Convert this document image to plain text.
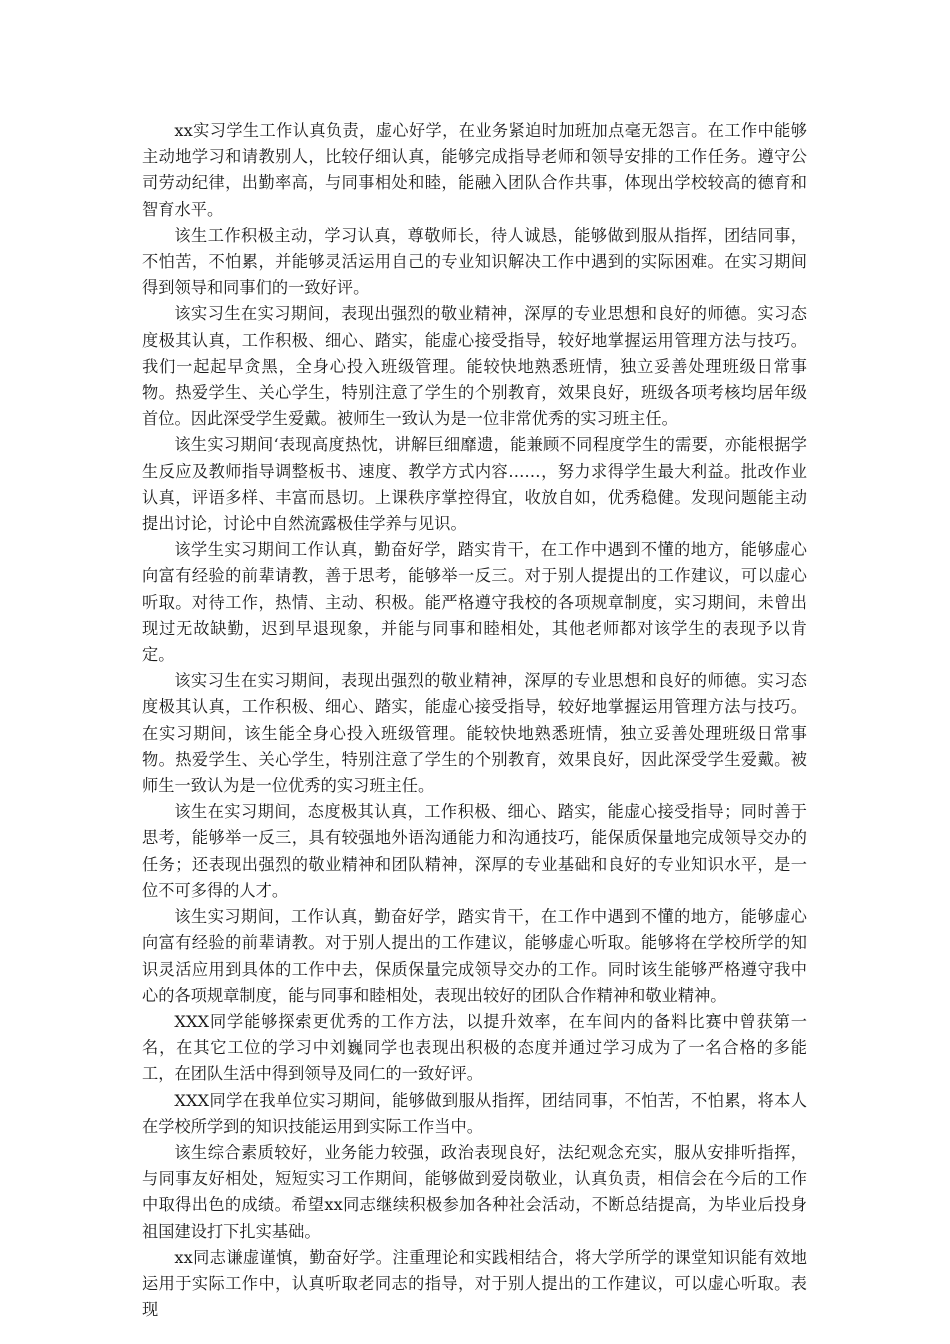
xx实习学生工作认真负责，虚心好学，在业务紧迫时加班加点毫无怨言。在工作中能够主动地学习和请教别人，比较仔细认真，能够完成指导老师和领导安排的工作任务。遵守公司劳动纪律，出勤率高，与同事相处和睦，能融入团队合作共事，体现出学校较高的德育和智育水平。

该生工作积极主动，学习认真，尊敬师长，待人诚恳，能够做到服从指挥，团结同事，不怕苦，不怕累，并能够灵活运用自己的专业知识解决工作中遇到的实际困难。在实习期间得到领导和同事们的一致好评。

该实习生在实习期间，表现出强烈的敬业精神，深厚的专业思想和良好的师德。实习态度极其认真，工作积极、细心、踏实，能虚心接受指导，较好地掌握运用管理方法与技巧。我们一起起早贪黑，全身心投入班级管理。能较快地熟悉班情，独立妥善处理班级日常事物。热爱学生、关心学生，特别注意了学生的个别教育，效果良好，班级各项考核均居年级首位。因此深受学生爱戴。被师生一致认为是一位非常优秀的实习班主任。

该生实习期间‘表现高度热忱，讲解巨细靡遗，能兼顾不同程度学生的需要，亦能根据学生反应及教师指导调整板书、速度、教学方式内容……，努力求得学生最大利益。批改作业认真，评语多样、丰富而恳切。上课秩序掌控得宜，收放自如，优秀稳健。发现问题能主动提出讨论，讨论中自然流露极佳学养与见识。

该学生实习期间工作认真，勤奋好学，踏实肯干，在工作中遇到不懂的地方，能够虚心向富有经验的前辈请教，善于思考，能够举一反三。对于别人提提出的工作建议，可以虚心听取。对待工作，热情、主动、积极。能严格遵守我校的各项规章制度，实习期间，未曾出现过无故缺勤，迟到早退现象，并能与同事和睦相处，其他老师都对该学生的表现予以肯定。

该实习生在实习期间，表现出强烈的敬业精神，深厚的专业思想和良好的师德。实习态度极其认真，工作积极、细心、踏实，能虚心接受指导，较好地掌握运用管理方法与技巧。在实习期间，该生能全身心投入班级管理。能较快地熟悉班情，独立妥善处理班级日常事物。热爱学生、关心学生，特别注意了学生的个别教育，效果良好，因此深受学生爱戴。被师生一致认为是一位优秀的实习班主任。

该生在实习期间，态度极其认真，工作积极、细心、踏实，能虚心接受指导；同时善于思考，能够举一反三，具有较强地外语沟通能力和沟通技巧，能保质保量地完成领导交办的任务；还表现出强烈的敬业精神和团队精神，深厚的专业基础和良好的专业知识水平，是一位不可多得的人才。

该生实习期间，工作认真，勤奋好学，踏实肯干，在工作中遇到不懂的地方，能够虚心向富有经验的前辈请教。对于别人提出的工作建议，能够虚心听取。能够将在学校所学的知识灵活应用到具体的工作中去，保质保量完成领导交办的工作。同时该生能够严格遵守我中心的各项规章制度，能与同事和睦相处，表现出较好的团队合作精神和敬业精神。

XXX同学能够探索更优秀的工作方法，以提升效率，在车间内的备料比赛中曾获第一名，在其它工位的学习中刘巍同学也表现出积极的态度并通过学习成为了一名合格的多能工，在团队生活中得到领导及同仁的一致好评。

XXX同学在我单位实习期间，能够做到服从指挥，团结同事，不怕苦，不怕累，将本人在学校所学到的知识技能运用到实际工作当中。

该生综合素质较好，业务能力较强，政治表现良好，法纪观念充实，服从安排听指挥，与同事友好相处，短短实习工作期间，能够做到爱岗敬业，认真负责，相信会在今后的工作中取得出色的成绩。希望xx同志继续积极参加各种社会活动，不断总结提高，为毕业后投身祖国建设打下扎实基础。

xx同志谦虚谨慎，勤奋好学。注重理论和实践相结合，将大学所学的课堂知识能有效地运用于实际工作中，认真听取老同志的指导，对于别人提出的工作建议，可以虚心听取。表现
